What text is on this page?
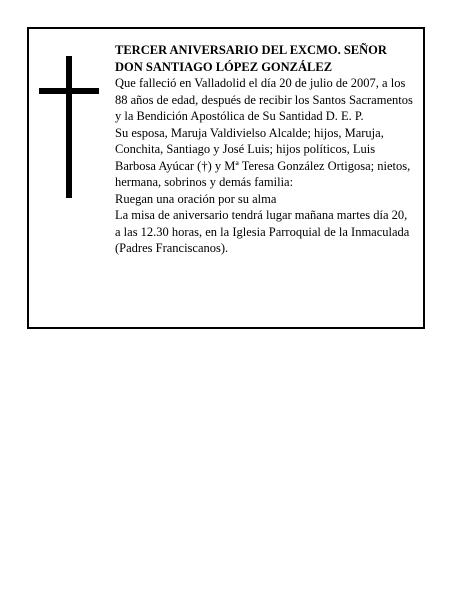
TERCER ANIVERSARIO DEL EXCMO. SEÑOR

DON SANTIAGO LÓPEZ GONZÁLEZ

Que falleció en Valladolid el día 20 de julio de 2007, a los 88 años de edad, después de recibir los Santos Sacramentos y la Bendición Apostólica de Su Santidad D. E. P.

Su esposa, Maruja Valdivielso Alcalde; hijos, Maruja, Conchita, Santiago y José Luis; hijos políticos, Luis Barbosa Ayúcar (†) y Mª Teresa González Ortigosa; nietos, hermana, sobrinos y demás familia:

Ruegan una oración por su alma

La misa de aniversario tendrá lugar mañana martes día 20, a las 12.30 horas, en la Iglesia Parroquial de la Inmaculada (Padres Franciscanos).
